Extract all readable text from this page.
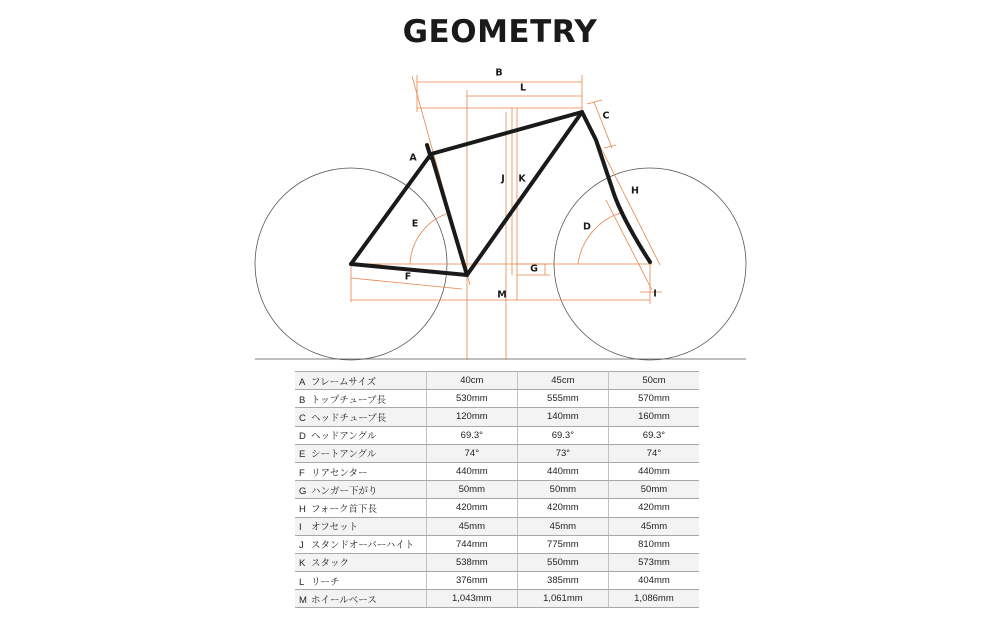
GEOMETRY
B
L
C
A
J K
H
E	D
G
F
I
M
A フレームサイズ	40cm	45cm	50cm
B トップチューブ長	530mm	555mm	570mm
C ヘッドチューブ長	120mm	140mm	160mm
D ヘッドアングル	69.3°	69.3°	69.3°
E シートアングル	74°	73°	74°
F リアセンター	440mm	440mm	440mm
G ハンガー下がり	50mm	50mm	50mm
H フォーク首下長	420mm	420mm	420mm
I オフセット	45mm	45mm	45mm
J スタンドオーバーハイト	744mm	775mm	810mm
K スタック	538mm	550mm	573mm
L リーチ	376mm	385mm	404mm
M ホイールベース	1,043mm	1,061mm	1,086mm
